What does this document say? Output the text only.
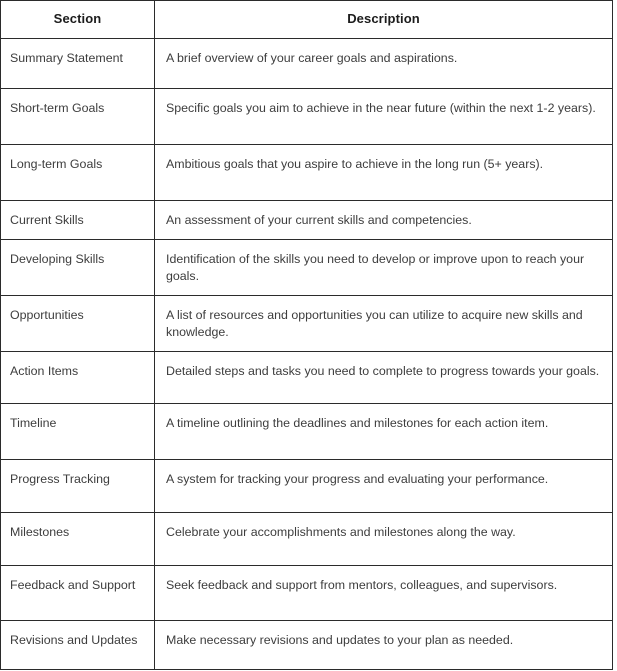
Section	Description
Summary Statement	A brief overview of your career goals and aspirations.
Short-term Goals	Specific goals you aim to achieve in the near future (within the next 1-2 years).
Long-term Goals	Ambitious goals that you aspire to achieve in the long run (5+ years).
Current Skills	An assessment of your current skills and competencies.
Developing Skills	Identification of the skills you need to develop or improve upon to reach your goals.
Opportunities	A list of resources and opportunities you can utilize to acquire new skills and knowledge.
Action Items	Detailed steps and tasks you need to complete to progress towards your goals.
Timeline	A timeline outlining the deadlines and milestones for each action item.
Progress Tracking	A system for tracking your progress and evaluating your performance.
Milestones	Celebrate your accomplishments and milestones along the way.
Feedback and Support	Seek feedback and support from mentors, colleagues, and supervisors.
Revisions and Updates	Make necessary revisions and updates to your plan as needed.
